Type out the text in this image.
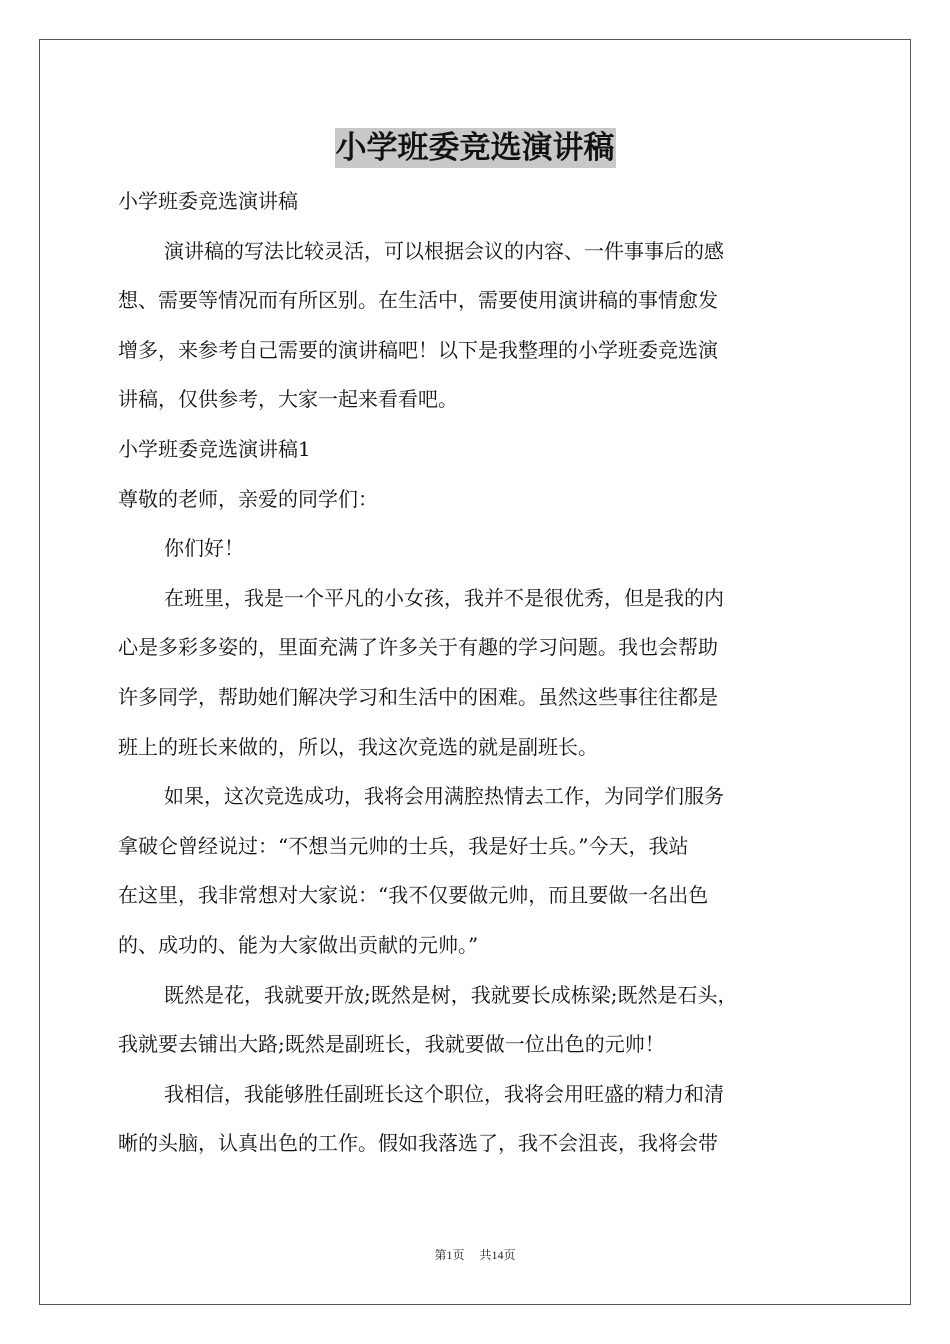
小学班委竞选演讲稿
小学班委竞选演讲稿
演讲稿的写法比较灵活，可以根据会议的内容、一件事事后的感
想、需要等情况而有所区别。在生活中，需要使用演讲稿的事情愈发
增多，来参考自己需要的演讲稿吧！以下是我整理的小学班委竞选演
讲稿，仅供参考，大家一起来看看吧。
小学班委竞选演讲稿1
尊敬的老师，亲爱的同学们：
你们好！
在班里，我是一个平凡的小女孩，我并不是很优秀，但是我的内
心是多彩多姿的，里面充满了许多关于有趣的学习问题。我也会帮助
许多同学，帮助她们解决学习和生活中的困难。虽然这些事往往都是
班上的班长来做的，所以，我这次竞选的就是副班长。
如果，这次竞选成功，我将会用满腔热情去工作，为同学们服务
拿破仑曾经说过：“不想当元帅的士兵，我是好士兵。”今天，我站
在这里，我非常想对大家说：“我不仅要做元帅，而且要做一名出色
的、成功的、能为大家做出贡献的元帅。”
既然是花，我就要开放;既然是树，我就要长成栋梁;既然是石头，
我就要去铺出大路;既然是副班长，我就要做一位出色的元帅！
我相信，我能够胜任副班长这个职位，我将会用旺盛的精力和清
晰的头脑，认真出色的工作。假如我落选了，我不会沮丧，我将会带
第1页 共14页
